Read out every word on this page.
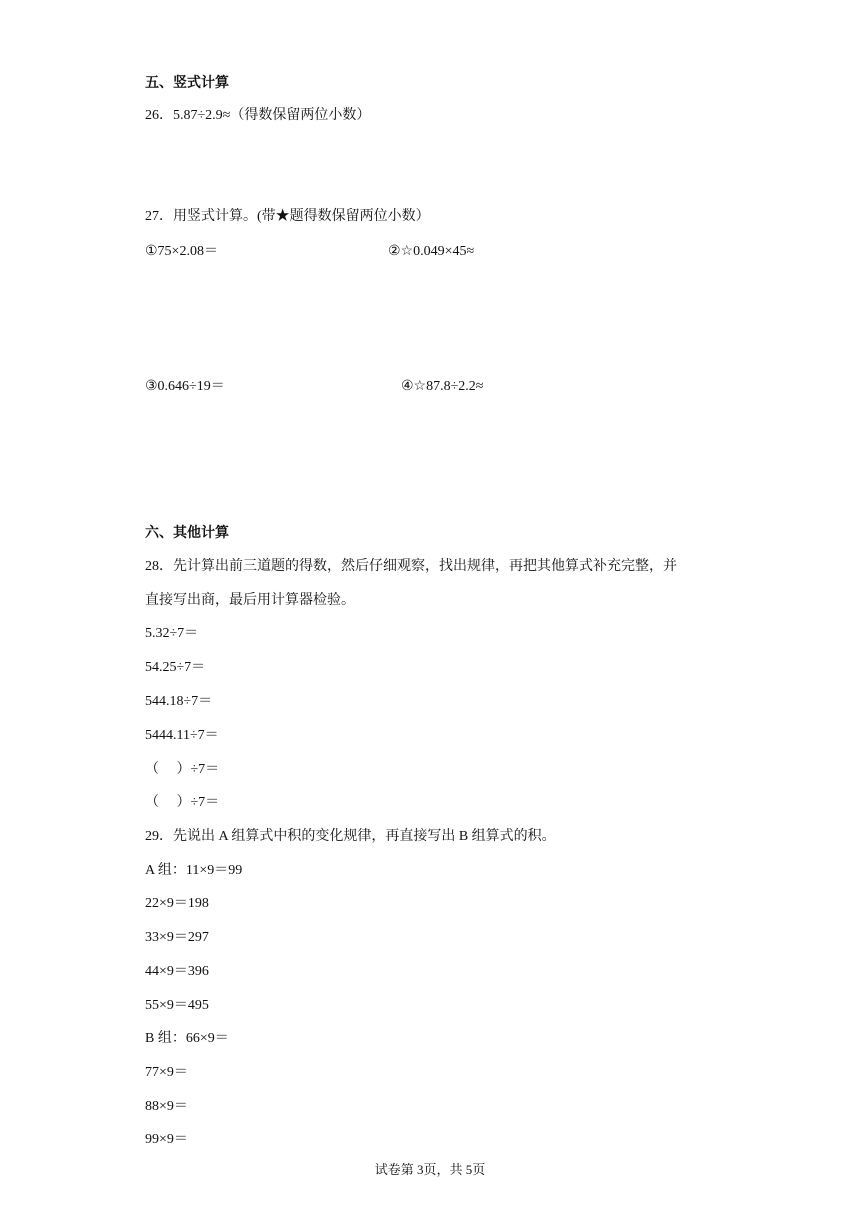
五、竖式计算
26．5.87÷2.9≈（得数保留两位小数）
27．用竖式计算。(带★题得数保留两位小数）
①75×2.08＝	②☆0.049×45≈
③0.646÷19＝	④☆87.8÷2.2≈
六、其他计算
28．先计算出前三道题的得数，然后仔细观察，找出规律，再把其他算式补充完整，并
直接写出商，最后用计算器检验。
5.32÷7＝
54.25÷7＝
544.18÷7＝
5444.11÷7＝
（　 ）÷7＝
（　 ）÷7＝
29．先说出 A 组算式中积的变化规律，再直接写出 B 组算式的积。
A 组：11×9＝99
22×9＝198
33×9＝297
44×9＝396
55×9＝495
B 组：66×9＝
77×9＝
88×9＝
99×9＝
试卷第 3页，共 5页
